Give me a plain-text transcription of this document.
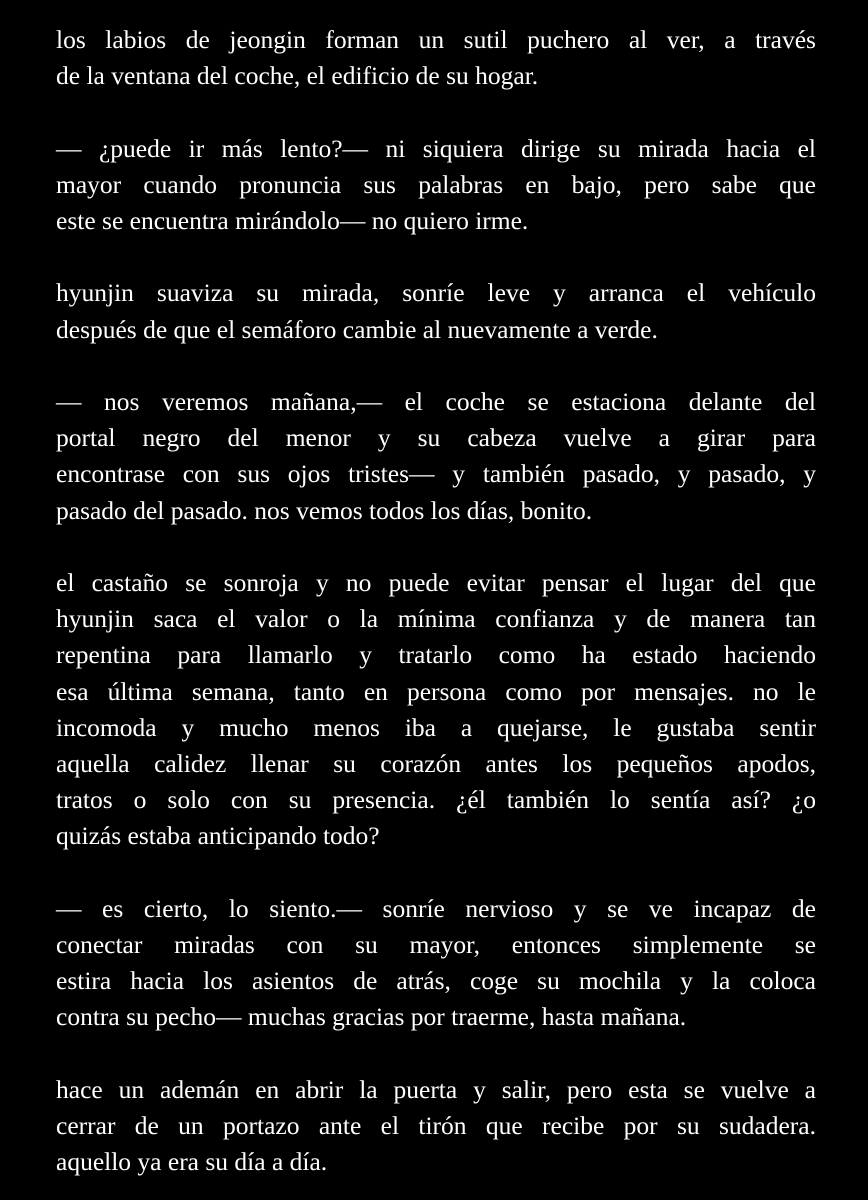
los labios de jeongin forman un sutil puchero al ver, a través
de la ventana del coche, el edificio de su hogar.
— ¿puede ir más lento?— ni siquiera dirige su mirada hacia el
mayor cuando pronuncia sus palabras en bajo, pero sabe que
este se encuentra mirándolo— no quiero irme.
hyunjin suaviza su mirada, sonríe leve y arranca el vehículo
después de que el semáforo cambie al nuevamente a verde.
— nos veremos mañana,— el coche se estaciona delante del
portal negro del menor y su cabeza vuelve a girar para
encontrase con sus ojos tristes— y también pasado, y pasado, y
pasado del pasado. nos vemos todos los días, bonito.
el castaño se sonroja y no puede evitar pensar el lugar del que
hyunjin saca el valor o la mínima confianza y de manera tan
repentina para llamarlo y tratarlo como ha estado haciendo
esa última semana, tanto en persona como por mensajes. no le
incomoda y mucho menos iba a quejarse, le gustaba sentir
aquella calidez llenar su corazón antes los pequeños apodos,
tratos o solo con su presencia. ¿él también lo sentía así? ¿o
quizás estaba anticipando todo?
— es cierto, lo siento.— sonríe nervioso y se ve incapaz de
conectar miradas con su mayor, entonces simplemente se
estira hacia los asientos de atrás, coge su mochila y la coloca
contra su pecho— muchas gracias por traerme, hasta mañana.
hace un ademán en abrir la puerta y salir, pero esta se vuelve a
cerrar de un portazo ante el tirón que recibe por su sudadera.
aquello ya era su día a día.
